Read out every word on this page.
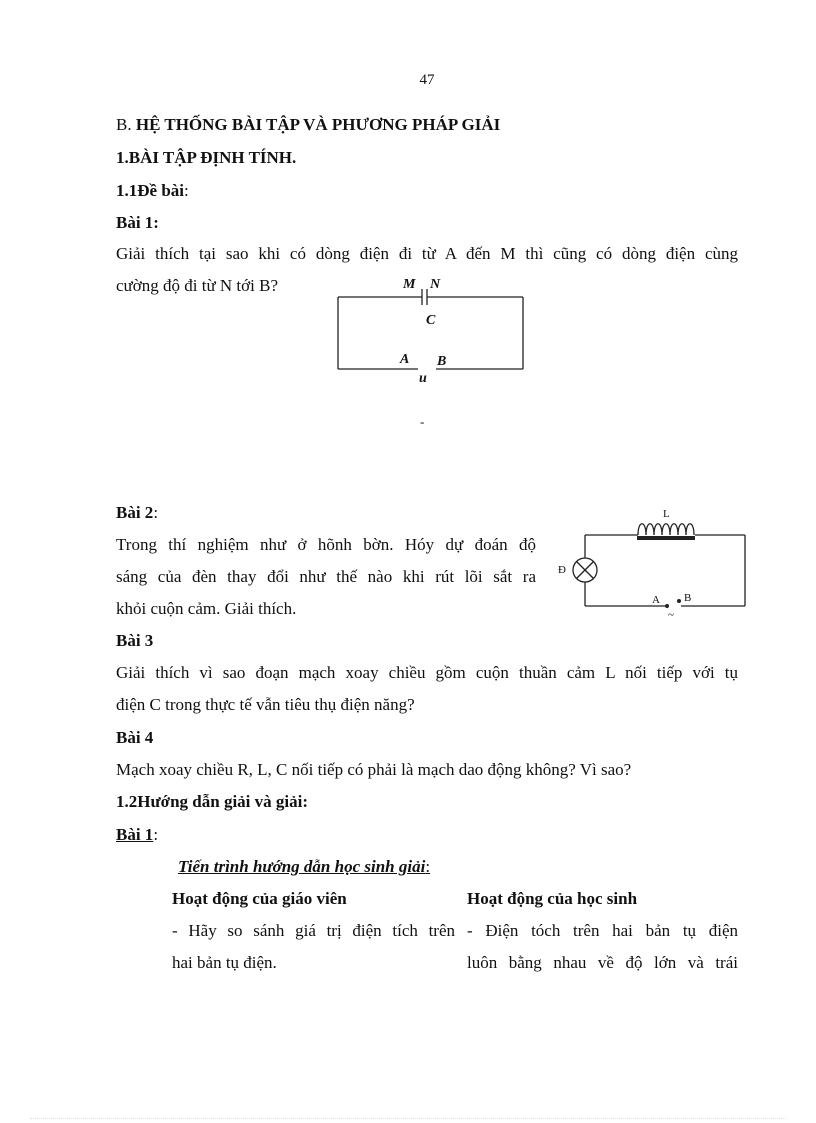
47
B. HỆ THỐNG BÀI TẬP VÀ PHƯƠNG PHÁP GIẢI
1.BÀI TẬP ĐỊNH TÍNH.
1.1Đề bài:
Bài 1:
Giải thích tại sao khi có dòng điện đi từ A đến M thì cũng có dòng điện cùng
cường độ đi từ N tới B?	M N
C
A B
u
-
Bài 2:
Trong thí nghiệm như ở hõnh bờn. Hóy dự đoán độ
sáng của đèn thay đổi như thế nào khi rút lõi sắt ra
khỏi cuộn cảm. Giải thích.
L
Đ
A B
~
Bài 3
Giải thích vì sao đoạn mạch xoay chiều gồm cuộn thuần cảm L nối tiếp với tụ
điện C trong thực tế vẫn tiêu thụ điện năng?
Bài 4
Mạch xoay chiều R, L, C nối tiếp có phải là mạch dao động không? Vì sao?
1.2Hướng dẫn giải và giải:
Bài 1:
Tiến trình hướng dẫn học sinh giải:
Hoạt động của giáo viên	Hoạt động của học sinh
- Hãy so sánh giá trị điện tích trên
hai bản tụ điện.
- Điện tóch trên hai bản tụ điện
luôn bằng nhau về độ lớn và trái
